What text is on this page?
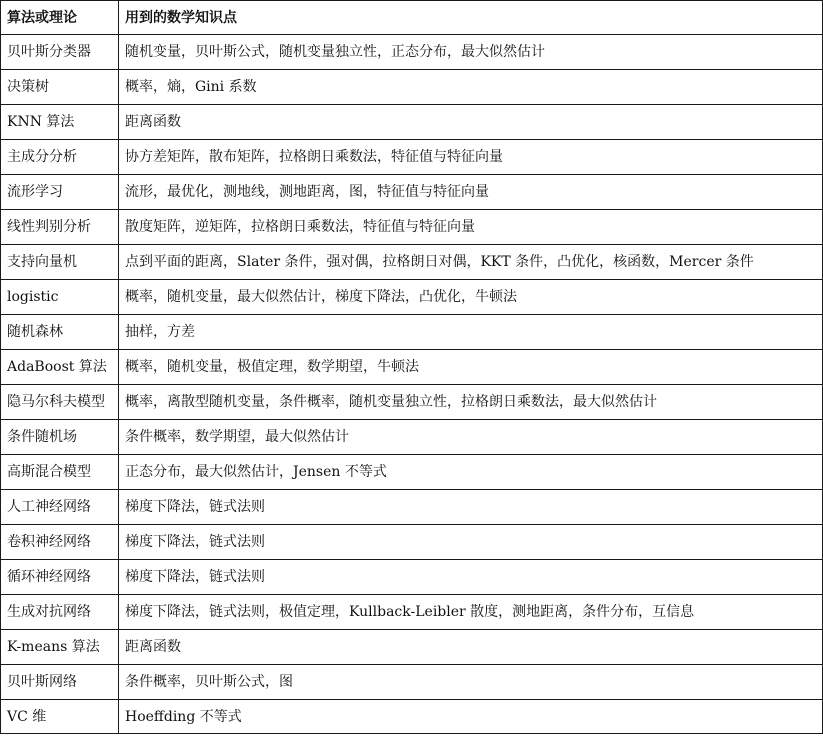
算法或理论	用到的数学知识点
贝叶斯分类器	随机变量，贝叶斯公式，随机变量独立性，正态分布，最大似然估计
决策树	概率，熵，Gini 系数
KNN 算法	距离函数
主成分分析	协方差矩阵，散布矩阵，拉格朗日乘数法，特征值与特征向量
流形学习	流形，最优化，测地线，测地距离，图，特征值与特征向量
线性判别分析	散度矩阵，逆矩阵，拉格朗日乘数法，特征值与特征向量
支持向量机	点到平面的距离，Slater 条件，强对偶，拉格朗日对偶，KKT 条件，凸优化，核函数，Mercer 条件
logistic	概率，随机变量，最大似然估计，梯度下降法，凸优化，牛顿法
随机森林	抽样，方差
AdaBoost 算法	概率，随机变量，极值定理，数学期望，牛顿法
隐马尔科夫模型	概率，离散型随机变量，条件概率，随机变量独立性，拉格朗日乘数法，最大似然估计
条件随机场	条件概率，数学期望，最大似然估计
高斯混合模型	正态分布，最大似然估计，Jensen 不等式
人工神经网络	梯度下降法，链式法则
卷积神经网络	梯度下降法，链式法则
循环神经网络	梯度下降法，链式法则
生成对抗网络	梯度下降法，链式法则，极值定理，Kullback-Leibler 散度，测地距离，条件分布，互信息
K-means 算法	距离函数
贝叶斯网络	条件概率，贝叶斯公式，图
VC 维	Hoeffding 不等式
